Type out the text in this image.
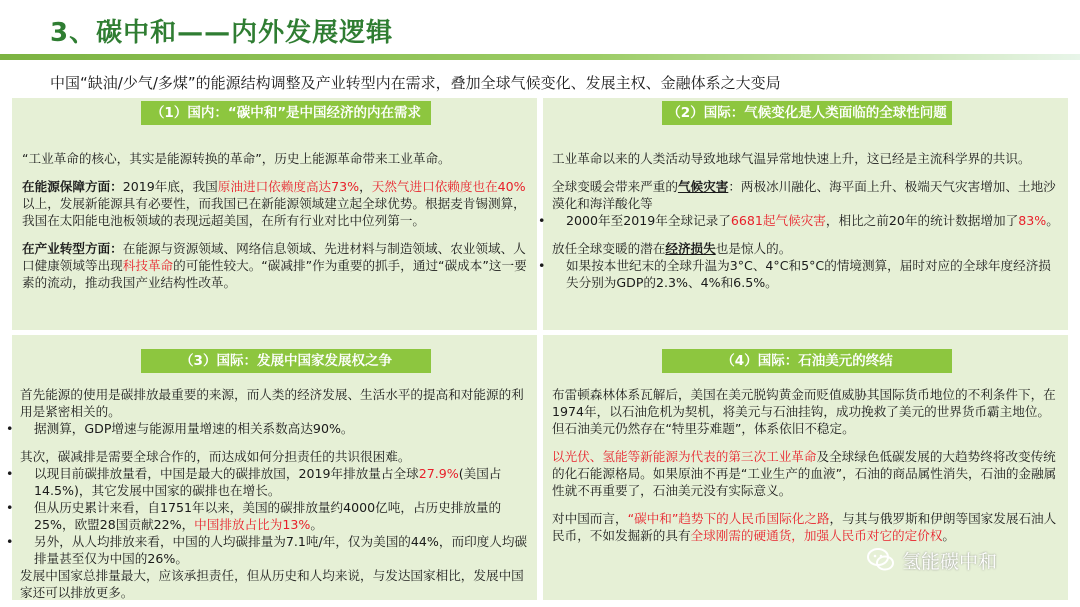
3、碳中和——内外发展逻辑
中国“缺油/少气/多煤”的能源结构调整及产业转型内在需求，叠加全球气候变化、发展主权、金融体系之大变局
（1）国内：“碳中和”是中国经济的内在需求

“工业革命的核心，其实是能源转换的革命”，历史上能源革命带来工业革命。

在能源保障方面：2019年底，我国原油进口依赖度高达73%，天然气进口依赖度也在40%以上，发展新能源具有必要性，而我国已在新能源领域建立起全球优势。根据麦肯锡测算，我国在太阳能电池板领域的表现远超美国，在所有行业对比中位列第一。

在产业转型方面：在能源与资源领域、网络信息领域、先进材料与制造领域、农业领域、人口健康领域等出现科技革命的可能性较大。“碳减排”作为重要的抓手，通过“碳成本”这一要素的流动，推动我国产业结构性改革。

（2）国际：气候变化是人类面临的全球性问题

工业革命以来的人类活动导致地球气温异常地快速上升，这已经是主流科学界的共识。

全球变暖会带来严重的气候灾害：两极冰川融化、海平面上升、极端天气灾害增加、土地沙漠化和海洋酸化等

• 2000年至2019年全球记录了6681起气候灾害，相比之前20年的统计数据增加了83%。

放任全球变暖的潜在经济损失也是惊人的。

• 如果按本世纪末的全球升温为3°C、4°C和5°C的情境测算，届时对应的全球年度经济损失分别为GDP的2.3%、4%和6.5%。

（3）国际：发展中国家发展权之争

首先能源的使用是碳排放最重要的来源，而人类的经济发展、生活水平的提高和对能源的利用是紧密相关的。

• 据测算，GDP增速与能源用量增速的相关系数高达90%。

其次，碳减排是需要全球合作的，而达成如何分担责任的共识很困难。

• 以现目前碳排放量看，中国是最大的碳排放国，2019年排放量占全球27.9%(美国占14.5%)，其它发展中国家的碳排也在增长。

• 但从历史累计来看，自1751年以来，美国的碳排放量约4000亿吨，占历史排放量的25%，欧盟28国贡献22%，中国排放占比为13%。

• 另外，从人均排放来看，中国的人均碳排量为7.1吨/年，仅为美国的44%，而印度人均碳排量甚至仅为中国的26%。

发展中国家总排量最大，应该承担责任，但从历史和人均来说，与发达国家相比，发展中国家还可以排放更多。

（4）国际：石油美元的终结

布雷顿森林体系瓦解后，美国在美元脱钩黄金而贬值威胁其国际货币地位的不利条件下，在1974年，以石油危机为契机，将美元与石油挂钩，成功挽救了美元的世界货币霸主地位。但石油美元仍然存在“特里芬难题”，体系依旧不稳定。

以光伏、氢能等新能源为代表的第三次工业革命及全球绿色低碳发展的大趋势终将改变传统的化石能源格局。如果原油不再是“工业生产的血液”，石油的商品属性消失，石油的金融属性就不再重要了，石油美元没有实际意义。

对中国而言，“碳中和”趋势下的人民币国际化之路，与其与俄罗斯和伊朗等国家发展石油人民币，不如发掘新的具有全球刚需的硬通货，加强人民币对它的定价权。

氢能碳中和
